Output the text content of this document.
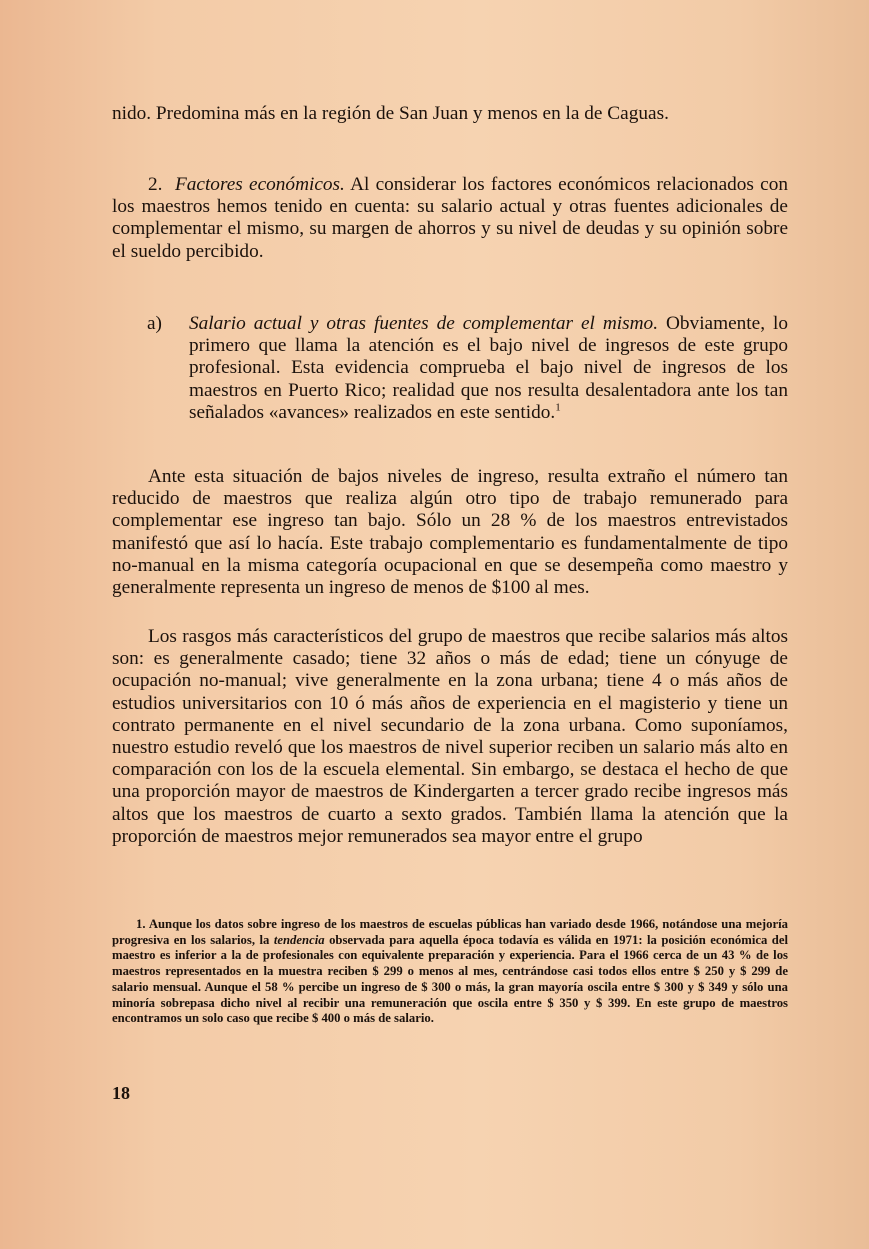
nido. Predomina más en la región de San Juan y menos en la de Caguas.

2. Factores económicos. Al considerar los factores económicos relacionados con los maestros hemos tenido en cuenta: su salario actual y otras fuentes adicionales de complementar el mismo, su margen de ahorros y su nivel de deudas y su opinión sobre el sueldo percibido.

a)	Salario actual y otras fuentes de complementar el mismo. Obviamente, lo primero que llama la atención es el bajo nivel de ingresos de este grupo profesional. Esta evidencia comprueba el bajo nivel de ingresos de los maestros en Puerto Rico; realidad que nos resulta desalentadora ante los tan señalados «avances» realizados en este sentido.$^1$

Ante esta situación de bajos niveles de ingreso, resulta extraño el número tan reducido de maestros que realiza algún otro tipo de trabajo remunerado para complementar ese ingreso tan bajo. Sólo un 28 % de los maestros entrevistados manifestó que así lo hacía. Este trabajo complementario es fundamentalmente de tipo no-manual en la misma categoría ocupacional en que se desempeña como maestro y generalmente representa un ingreso de menos de $100 al mes.

Los rasgos más característicos del grupo de maestros que recibe salarios más altos son: es generalmente casado; tiene 32 años o más de edad; tiene un cónyuge de ocupación no-manual; vive generalmente en la zona urbana; tiene 4 o más años de estudios universitarios con 10 ó más años de experiencia en el magisterio y tiene un contrato permanente en el nivel secundario de la zona urbana. Como suponíamos, nuestro estudio reveló que los maestros de nivel superior reciben un salario más alto en comparación con los de la escuela elemental. Sin embargo, se destaca el hecho de que una proporción mayor de maestros de Kindergarten a tercer grado recibe ingresos más altos que los maestros de cuarto a sexto grados. También llama la atención que la proporción de maestros mejor remunerados sea mayor entre el grupo

1. Aunque los datos sobre ingreso de los maestros de escuelas públicas han variado desde 1966, notándose una mejoría progresiva en los salarios, la tendencia observada para aquella época todavía es válida en 1971: la posición económica del maestro es inferior a la de profesionales con equivalente preparación y experiencia. Para el 1966 cerca de un 43 % de los maestros representados en la muestra reciben $ 299 o menos al mes, centrándose casi todos ellos entre $ 250 y $ 299 de salario mensual. Aunque el 58 % percibe un ingreso de $ 300 o más, la gran mayoría oscila entre $ 300 y $ 349 y sólo una minoría sobrepasa dicho nivel al recibir una remuneración que oscila entre $ 350 y $ 399. En este grupo de maestros encontramos un solo caso que recibe $ 400 o más de salario.
18
